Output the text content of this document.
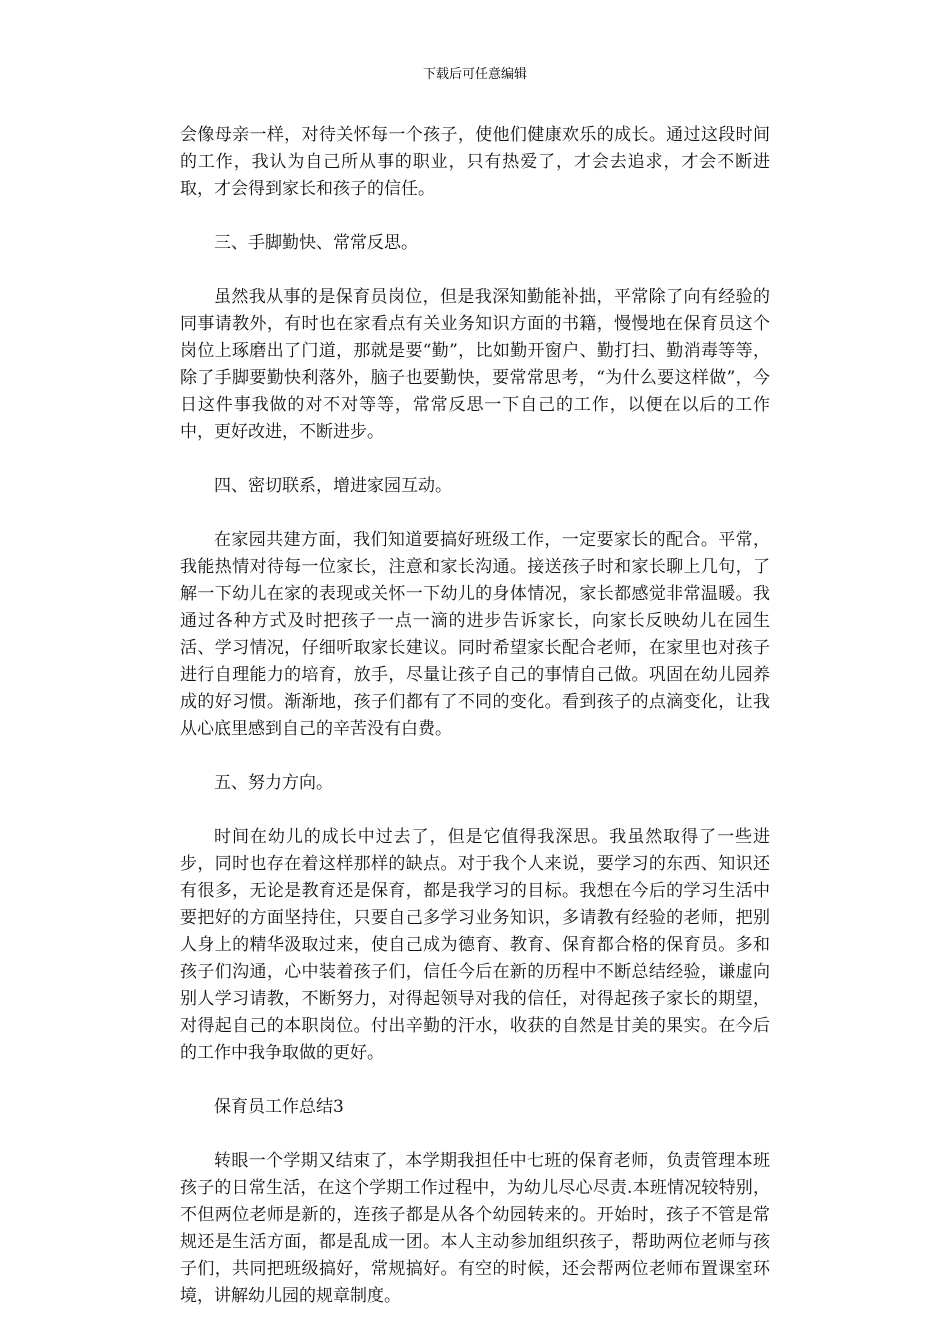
下载后可任意编辑

会像母亲一样，对待关怀每一个孩子，使他们健康欢乐的成长。通过这段时间的工作，我认为自己所从事的职业，只有热爱了，才会去追求，才会不断进取，才会得到家长和孩子的信任。

三、手脚勤快、常常反思。

虽然我从事的是保育员岗位，但是我深知勤能补拙，平常除了向有经验的同事请教外，有时也在家看点有关业务知识方面的书籍，慢慢地在保育员这个岗位上琢磨出了门道，那就是要“勤”，比如勤开窗户、勤打扫、勤消毒等等，除了手脚要勤快利落外，脑子也要勤快，要常常思考，“为什么要这样做”，今日这件事我做的对不对等等，常常反思一下自己的工作，以便在以后的工作中，更好改进，不断进步。

四、密切联系，增进家园互动。

在家园共建方面，我们知道要搞好班级工作，一定要家长的配合。平常，我能热情对待每一位家长，注意和家长沟通。接送孩子时和家长聊上几句，了解一下幼儿在家的表现或关怀一下幼儿的身体情况，家长都感觉非常温暖。我通过各种方式及时把孩子一点一滴的进步告诉家长，向家长反映幼儿在园生活、学习情况，仔细听取家长建议。同时希望家长配合老师，在家里也对孩子进行自理能力的培育，放手，尽量让孩子自己的事情自己做。巩固在幼儿园养成的好习惯。渐渐地，孩子们都有了不同的变化。看到孩子的点滴变化，让我从心底里感到自己的辛苦没有白费。

五、努力方向。

时间在幼儿的成长中过去了，但是它值得我深思。我虽然取得了一些进步，同时也存在着这样那样的缺点。对于我个人来说，要学习的东西、知识还有很多，无论是教育还是保育，都是我学习的目标。我想在今后的学习生活中要把好的方面坚持住，只要自己多学习业务知识，多请教有经验的老师，把别人身上的精华汲取过来，使自己成为德育、教育、保育都合格的保育员。多和孩子们沟通，心中装着孩子们，信任今后在新的历程中不断总结经验，谦虚向别人学习请教，不断努力，对得起领导对我的信任，对得起孩子家长的期望，对得起自己的本职岗位。付出辛勤的汗水，收获的自然是甘美的果实。在今后的工作中我争取做的更好。

保育员工作总结3

转眼一个学期又结束了，本学期我担任中七班的保育老师，负责管理本班孩子的日常生活，在这个学期工作过程中，为幼儿尽心尽责.本班情况较特别，不但两位老师是新的，连孩子都是从各个幼园转来的。开始时，孩子不管是常规还是生活方面，都是乱成一团。本人主动参加组织孩子，帮助两位老师与孩子们，共同把班级搞好，常规搞好。有空的时候，还会帮两位老师布置课室环境，讲解幼儿园的规章制度。
